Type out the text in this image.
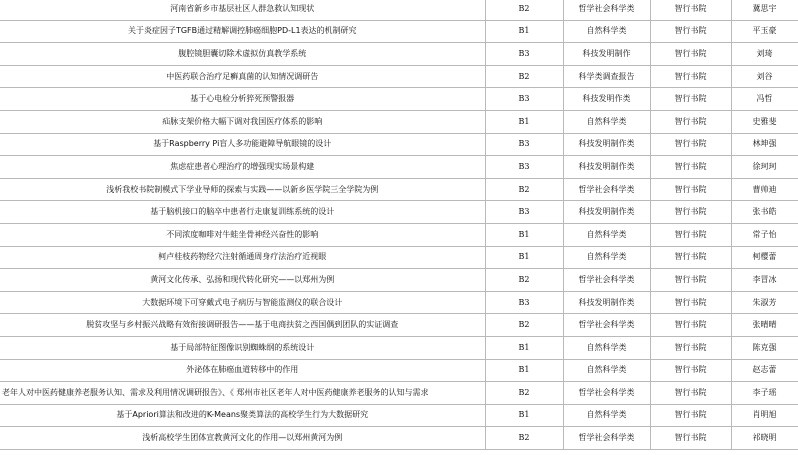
河南省新乡市基层社区人群急救认知现状	B2	哲学社会科学类	智行书院	冀思宇
关于炎症因子TGFB通过精解调控肺癌细胞PD-L1表达的机制研究	B1	自然科学类	智行书院	平玉豪
腹腔镜胆囊切除术虚拟仿真教学系统	B3	科技发明制作	智行书院	刘琦
中医药联合治疗足癣真菌的认知情况调研告	B2	科学类调查报告	智行书院	刘谷
基于心电检分析猝死预警报器	B3	科技发明作类	智行书院	冯哲
疝脉支架价格大幅下调对我国医疗体系的影响	B1	自然科学类	智行书院	史雅斐
基于Raspberry Pi盲人多功能避障导航眼镜的设计	B3	科技发明制作类	智行书院	林坤强
焦虑症患者心理治疗的增强现实场景构建	B3	科技发明制作类	智行书院	徐珂珂
浅析我校书院制模式下学业导师的探索与实践——以新乡医学院三全学院为例	B2	哲学社会科学类	智行书院	曹帅迪
基于脑机接口的脑卒中患者行走康复训练系统的设计	B3	科技发明制作类	智行书院	张书皓
不同浓度咖啡对牛蛙坐骨神经兴奋性的影响	B1	自然科学类	智行书院	常子怡
柯卢桂枝药物经穴注射循通周身疗法治疗近视眼	B1	自然科学类	智行书院	柯樱蕾
黄河文化传承、弘扬和现代转化研究——以郑州为例	B2	哲学社会科学类	智行书院	李冒冰
大数据环境下可穿戴式电子病历与智能监测仪的联合设计	B3	科技发明制作类	智行书院	朱淑芳
脱贫攻坚与乡村振兴战略有效衔接调研报告——基于电商扶贫之西国偶到团队的实证调查	B2	哲学社会科学类	智行书院	张晴晴
基于局部特征图像识别蜘蛛纲的系统设计	B1	自然科学类	智行书院	陈克强
外泌体在肺癌血道转移中的作用	B1	自然科学类	智行书院	赵志蕾
老年人对中医药健康养老服务认知、需求及利用情况调研报告》、《 郑州市社区老年人对中医药健康养老服务的认知与需求	B2	哲学社会科学类	智行书院	李子瑶
基于Apriori算法和改进的K-Means聚类算法的高校学生行为大数据研究	B1	自然科学类	智行书院	肖明旭
浅析高校学生团体宣教黄河文化的作用—以郑州黄河为例	B2	哲学社会科学类	智行书院	祁晓明
